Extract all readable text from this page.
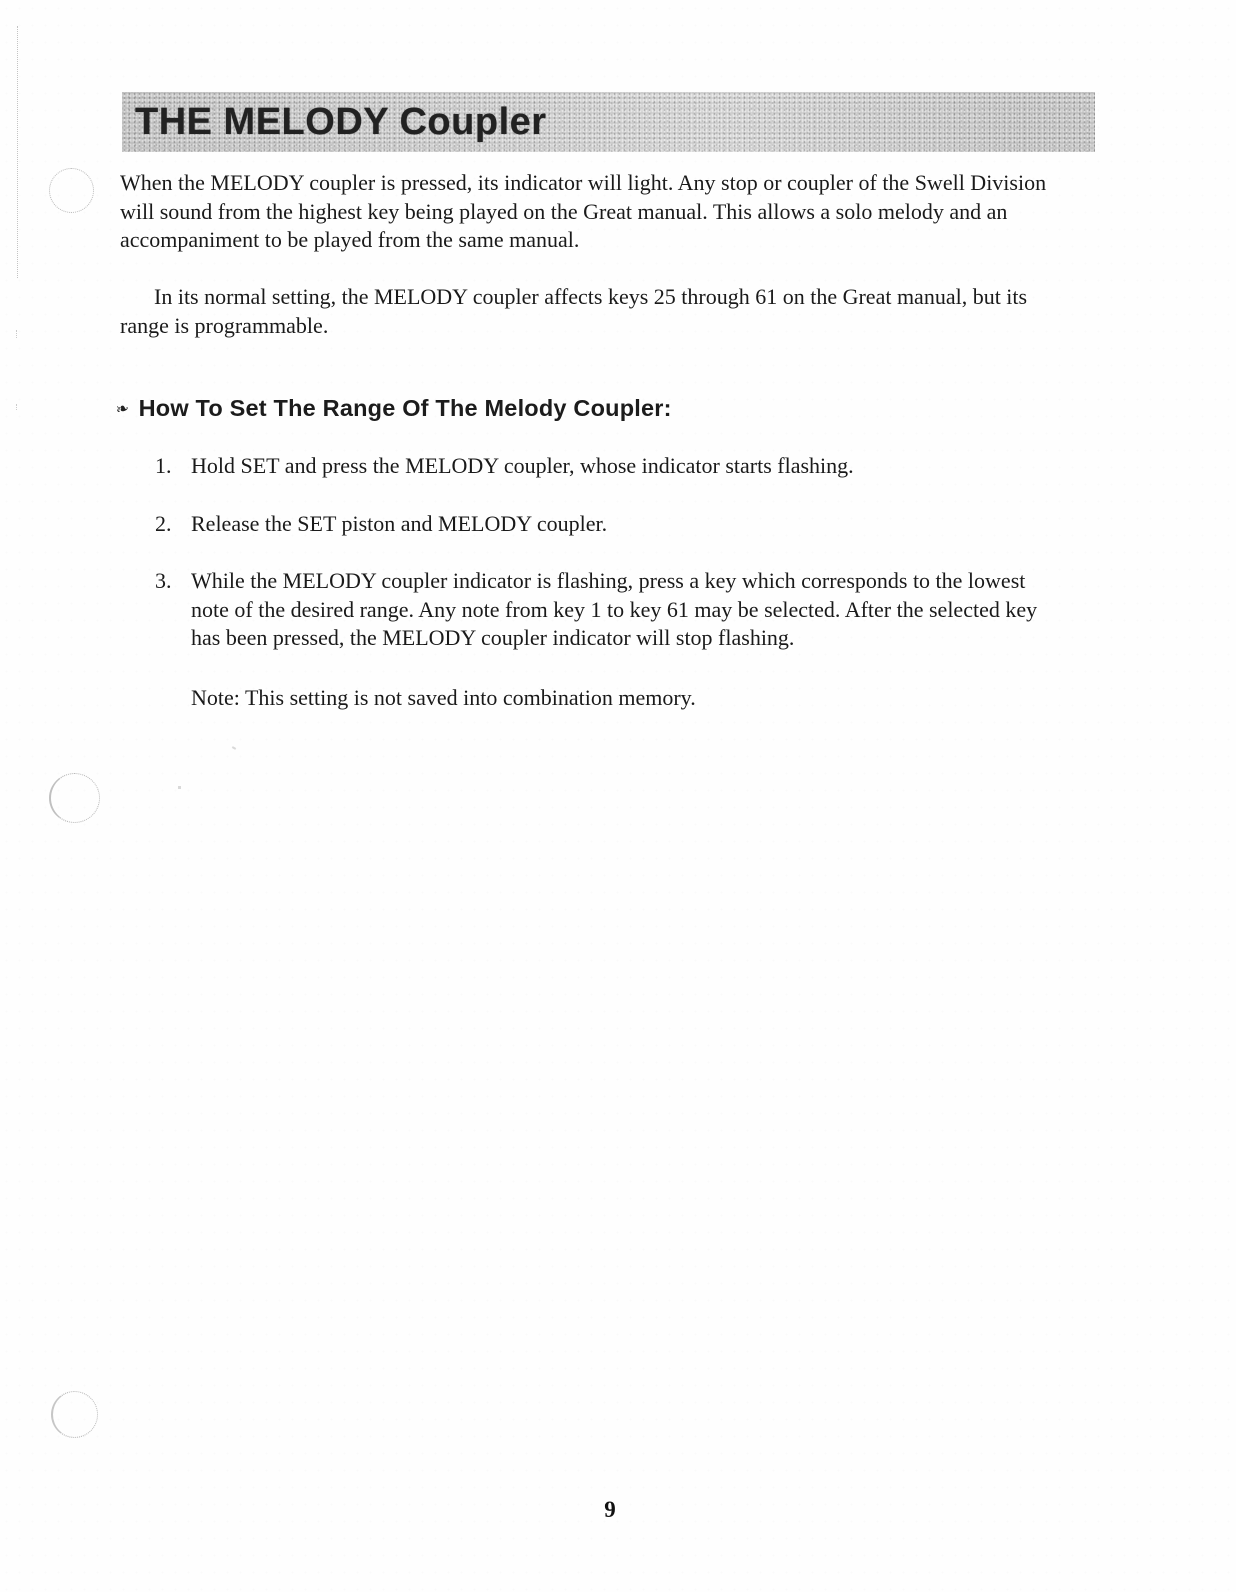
THE MELODY Coupler

When the MELODY coupler is pressed, its indicator will light. Any stop or coupler of the Swell Division will sound from the highest key being played on the Great manual. This allows a solo melody and an accompaniment to be played from the same manual.

In its normal setting, the MELODY coupler affects keys 25 through 61 on the Great manual, but its range is programmable.

❧ How To Set The Range Of The Melody Coupler:
1. Hold SET and press the MELODY coupler, whose indicator starts flashing.
2. Release the SET piston and MELODY coupler.
3. While the MELODY coupler indicator is flashing, press a key which corresponds to the lowest note of the desired range. Any note from key 1 to key 61 may be selected. After the selected key has been pressed, the MELODY coupler indicator will stop flashing.

Note: This setting is not saved into combination memory.

9
